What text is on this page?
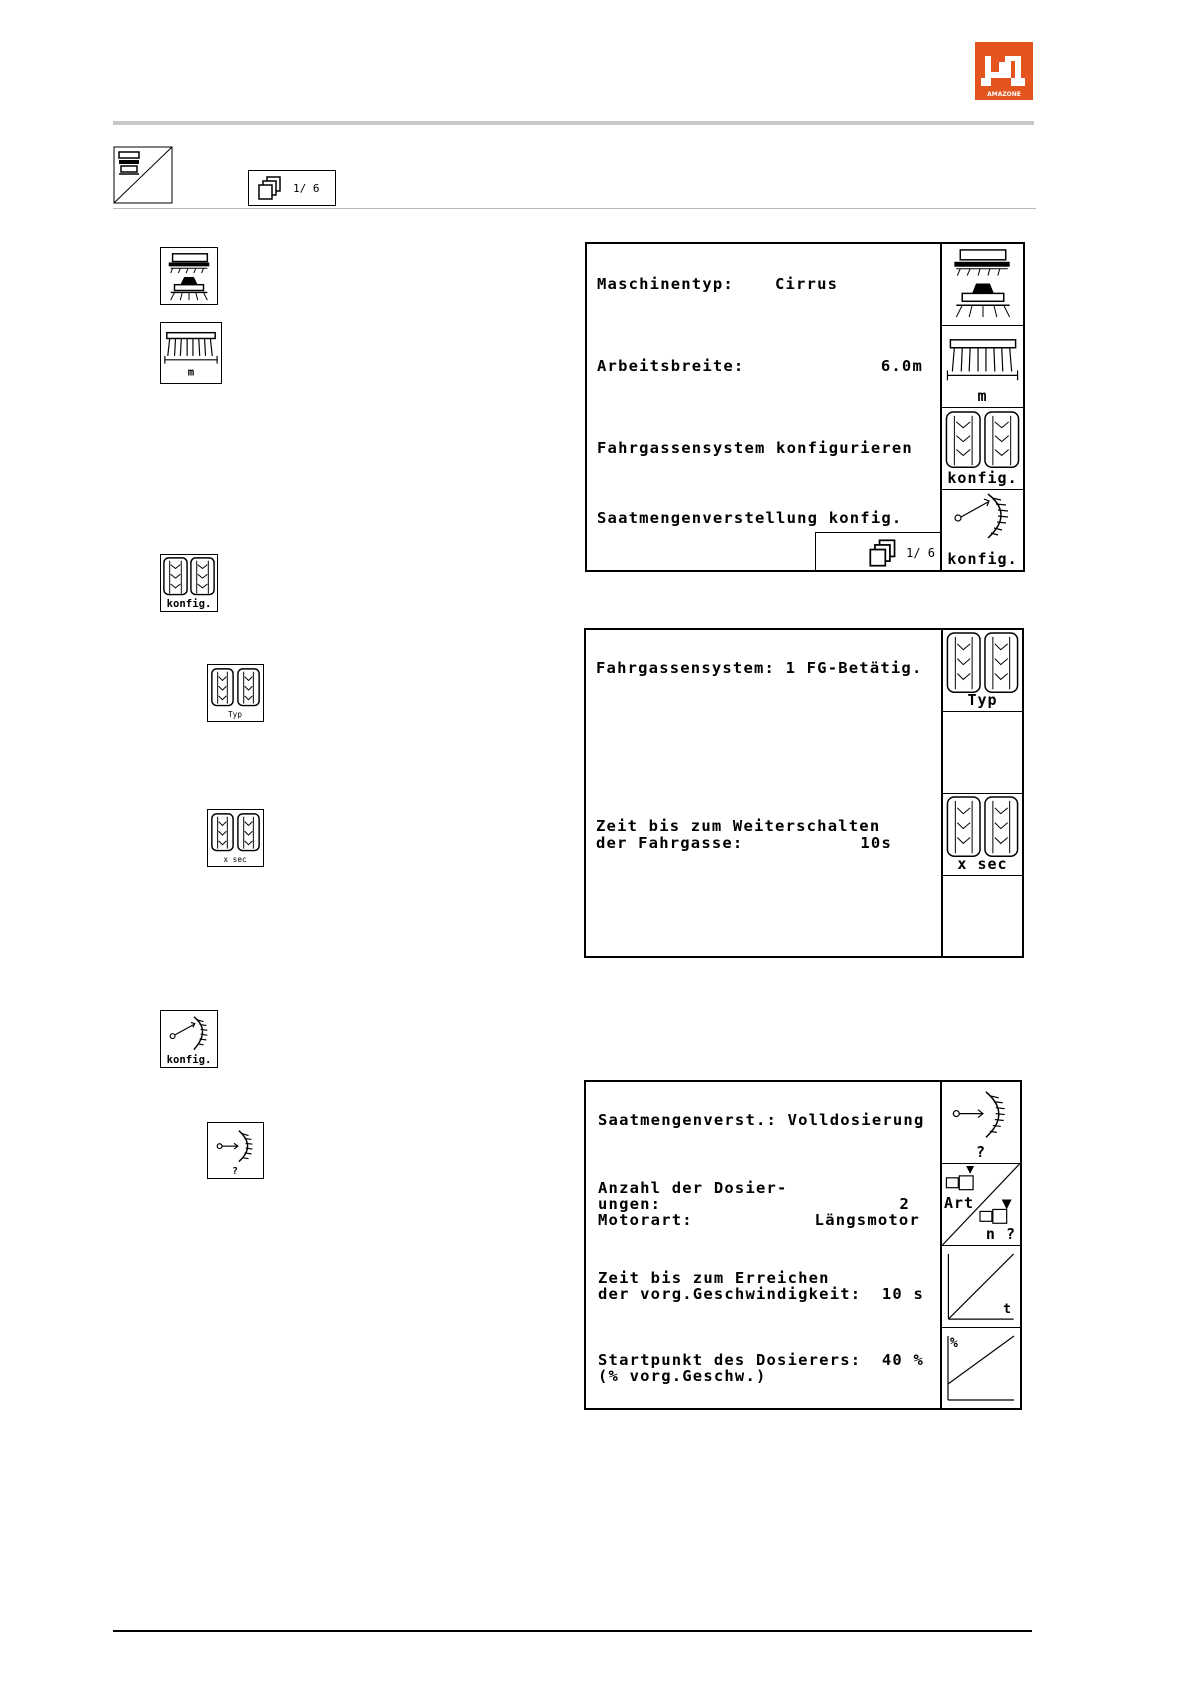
AMAZONE
1/ 6
m
konfig.
Typ
x sec
konfig.
?
Maschinentyp:	Cirrus
Arbeitsbreite:	6.0m
Fahrgassensystem konfigurieren
Saatmengenverstellung konfig.
1/ 6
m
konfig.
konfig.
Fahrgassensystem: 1 FG-Betätig.
Zeit bis zum Weiterschalten
der Fahrgasse:	10s
Typ
x sec
Saatmengenverst.: Volldosierung
Anzahl der Dosier-
ungen:	2
Motorart:	Längsmotor
Zeit bis zum Erreichen
der vorg.Geschwindigkeit: 10 s
Startpunkt des Dosierers: 40 %
(% vorg.Geschw.)
?
Art
n ?
t
%
